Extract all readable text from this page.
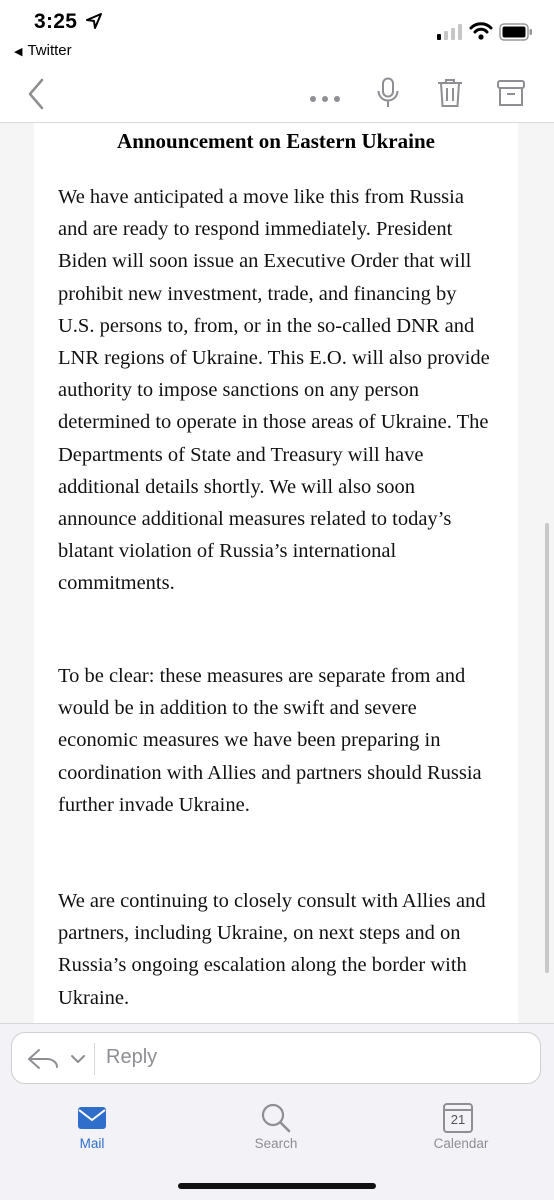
3:25
◀ Twitter
Announcement on Eastern Ukraine

We have anticipated a move like this from Russia and are ready to respond immediately. President Biden will soon issue an Executive Order that will prohibit new investment, trade, and financing by U.S. persons to, from, or in the so-called DNR and LNR regions of Ukraine. This E.O. will also provide authority to impose sanctions on any person determined to operate in those areas of Ukraine. The Departments of State and Treasury will have additional details shortly. We will also soon announce additional measures related to today’s blatant violation of Russia’s international commitments.

To be clear: these measures are separate from and would be in addition to the swift and severe economic measures we have been preparing in coordination with Allies and partners should Russia further invade Ukraine.

We are continuing to closely consult with Allies and partners, including Ukraine, on next steps and on Russia’s ongoing escalation along the border with Ukraine.

Reply
Mail	Search
21
Calendar
